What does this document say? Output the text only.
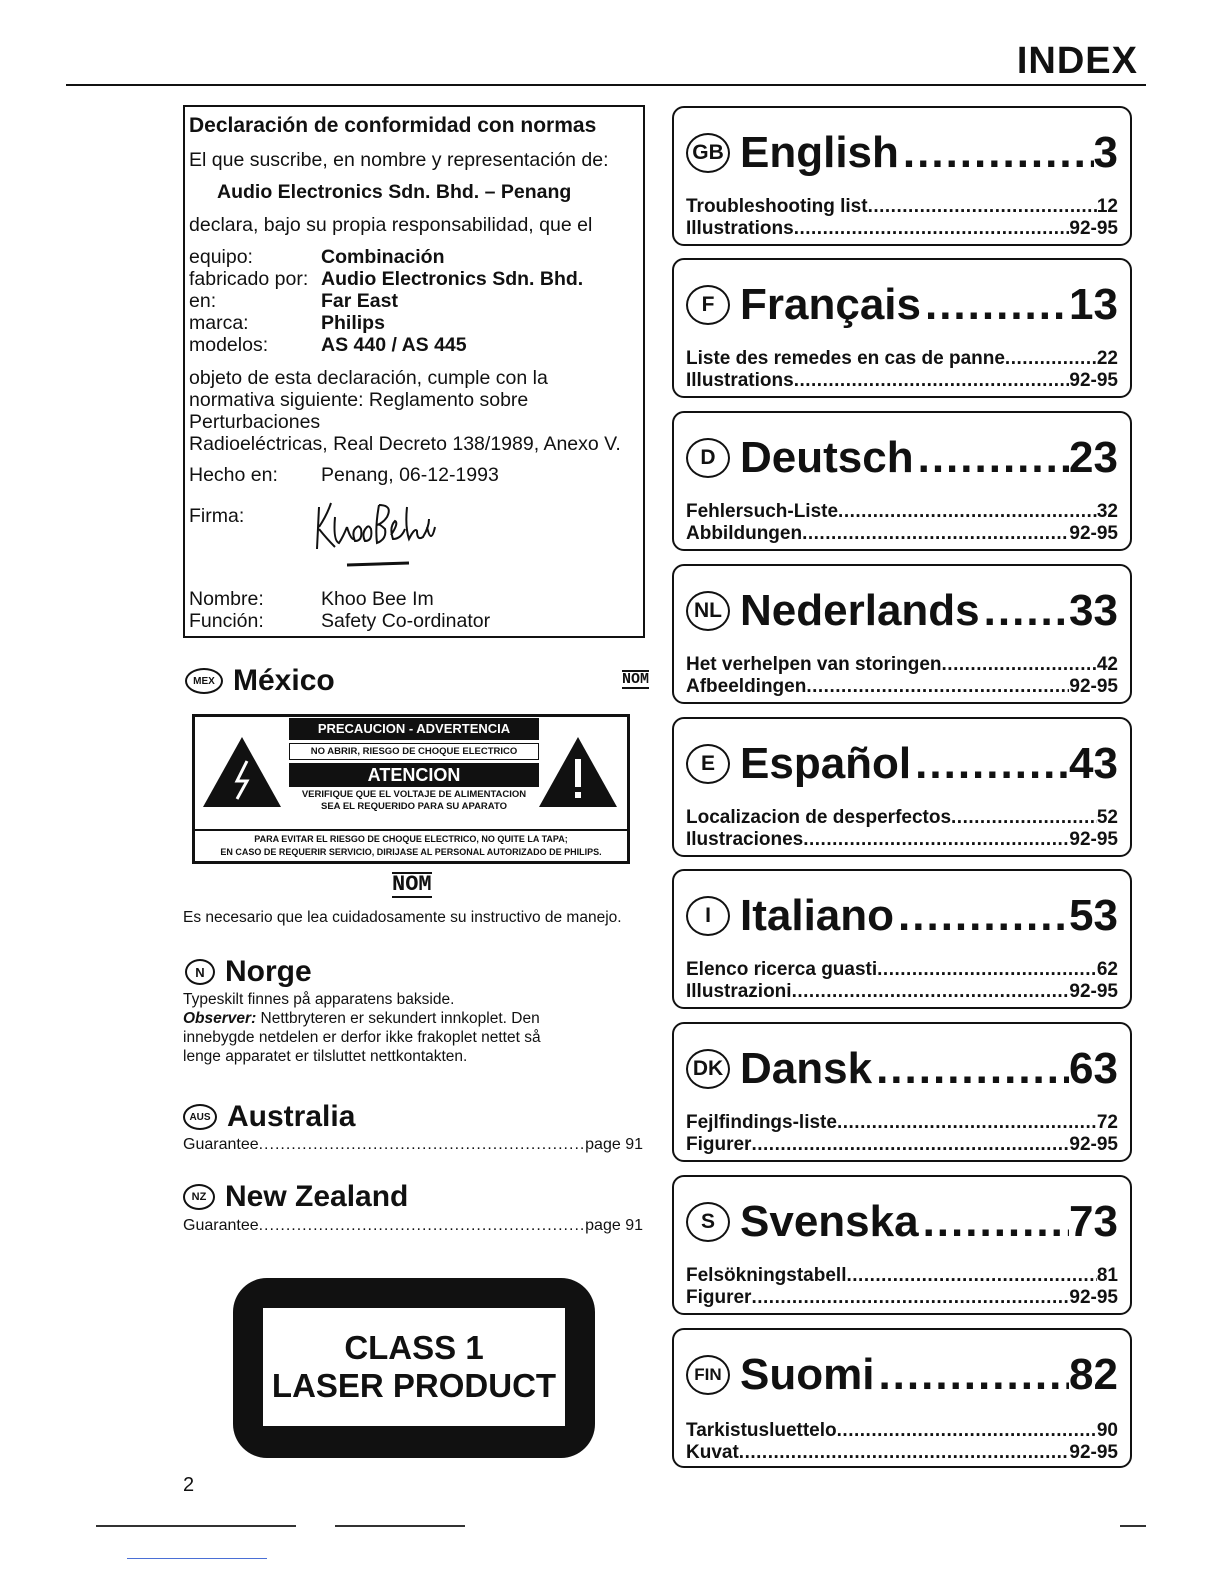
INDEX
Declaración de conformidad con normas
El que suscribe, en nombre y representación de:
Audio Electronics Sdn. Bhd. – Penang
declara, bajo su propia responsabilidad, que el
equipo:	Combinación
fabricado por: Audio Electronics Sdn. Bhd.
en:	Far East
marca:	Philips
modelos:	AS 440 / AS 445
objeto de esta declaración, cumple con la
normativa siguiente: Reglamento sobre
Perturbaciones
Radioeléctricas, Real Decreto 138/1989, Anexo V.
Hecho en: Penang, 06-12-1993
Firma:
Nombre:	Khoo Bee Im
Función:	Safety Co-ordinator
MEX México	NOM
PRECAUCION - ADVERTENCIA
NO ABRIR, RIESGO DE CHOQUE ELECTRICO
ATENCION
VERIFIQUE QUE EL VOLTAJE DE ALIMENTACION
SEA EL REQUERIDO PARA SU APARATO
PARA EVITAR EL RIESGO DE CHOQUE ELECTRICO, NO QUITE LA TAPA;
EN CASO DE REQUERIR SERVICIO, DIRIJASE AL PERSONAL AUTORIZADO DE PHILIPS.
NOM
Es necesario que lea cuidadosamente su instructivo de manejo.
N Norge
Typeskilt finnes på apparatens bakside.
Observer: Nettbryteren er sekundert innkoplet. Den
innebygde netdelen er derfor ikke frakoplet nettet så
lenge apparatet er tilsluttet nettkontakten.
AUS Australia
Guarantee .....	page 91
NZ New Zealand
Guarantee .....	page 91
CLASS 1
LASER PRODUCT
2
GB English .....	3
Troubleshooting list .....	12
Illustrations .....	92-95
F Français .....	13
Liste des remedes en cas de panne .....	22
Illustrations .....	92-95
D Deutsch .....	23
Fehlersuch-Liste .....	32
Abbildungen .....	92-95
NL Nederlands ..... 33
Het verhelpen van storingen .....	42
Afbeeldingen .....	92-95
E Español .....	43
Localizacion de desperfectos .....	52
Ilustraciones .....	92-95
I Italiano .....	53
Elenco ricerca guasti .....	62
Illustrazioni .....	92-95
DK Dansk .....	63
Fejlfindings-liste .....	72
Figurer .....	92-95
S Svenska .....	73
Felsökningstabell .....	81
Figurer .....	92-95
FIN Suomi .....	82
Tarkistusluettelo .....	90
Kuvat .....	92-95
